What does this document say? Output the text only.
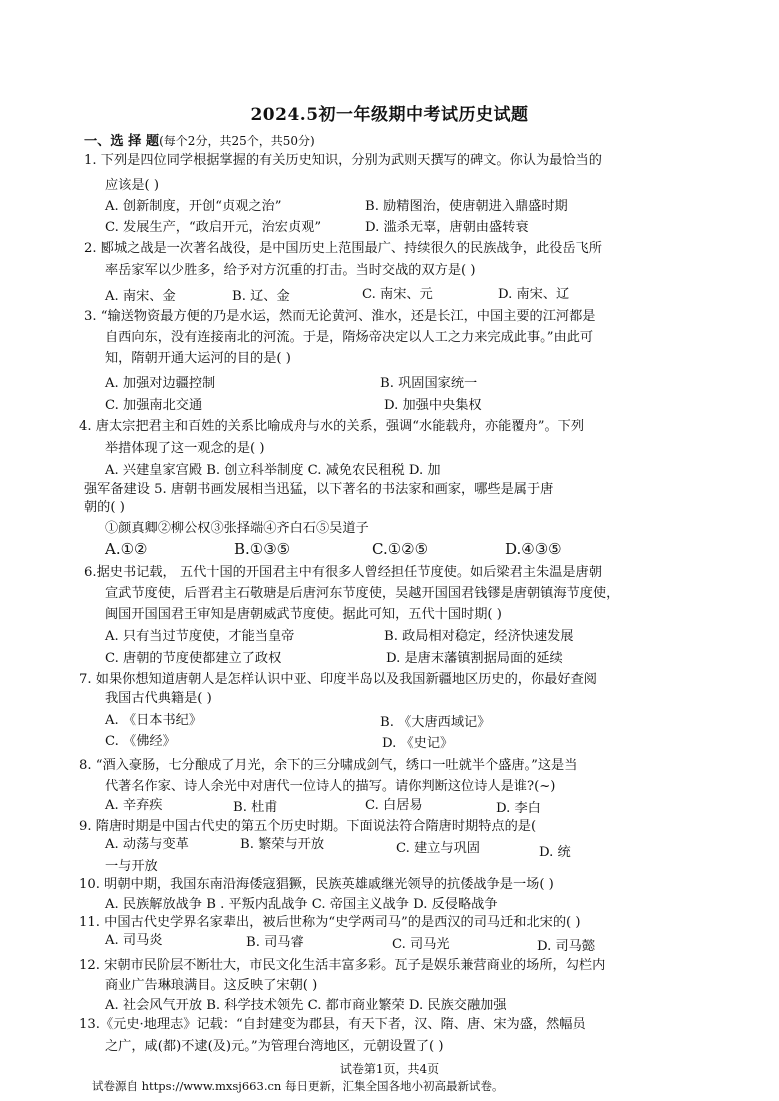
2024.5初一年级期中考试历史试题
一、选 择 题(每个2分，共25个，共50分)
1. 下列是四位同学根据掌握的有关历史知识，分别为武则天撰写的碑文。你认为最恰当的
应该是( )
A. 创新制度，开创“贞观之治”	B. 励精图治，使唐朝进入鼎盛时期
C. 发展生产，“政启开元，治宏贞观”	D. 滥杀无辜，唐朝由盛转衰
2. 郾城之战是一次著名战役，是中国历史上范围最广、持续很久的民族战争，此役岳飞所
率岳家军以少胜多，给予对方沉重的打击。当时交战的双方是( )
A. 南宋、金	B. 辽、金	C. 南宋、元	D. 南宋、辽
3. “输送物资最方便的乃是水运，然而无论黄河、淮水，还是长江，中国主要的江河都是
自西向东，没有连接南北的河流。于是，隋炀帝决定以人工之力来完成此事。”由此可
知，隋朝开通大运河的目的是( )
A. 加强对边疆控制	B. 巩固国家统一
C. 加强南北交通	D. 加强中央集权
4. 唐太宗把君主和百姓的关系比喻成舟与水的关系，强调“水能载舟，亦能覆舟”。下列
举措体现了这一观念的是( )
A. 兴建皇家宫殿 B. 创立科举制度 C. 减免农民租税 D. 加
强军备建设 5. 唐朝书画发展相当迅猛，以下著名的书法家和画家，哪些是属于唐
朝的( )
①颜真卿②柳公权③张择端④齐白石⑤吴道子
A.①②	B.①③⑤	C.①②⑤	D.④③⑤
6.据史书记载， 五代十国的开国君主中有很多人曾经担任节度使。如后梁君主朱温是唐朝
宣武节度使，后晋君主石敬瑭是后唐河东节度使，吴越开国国君钱镠是唐朝镇海节度使，
闽国开国国君王审知是唐朝威武节度使。据此可知，五代十国时期( )
A. 只有当过节度使，才能当皇帝	B. 政局相对稳定，经济快速发展
C. 唐朝的节度使都建立了政权	D. 是唐末藩镇割据局面的延续
7. 如果你想知道唐朝人是怎样认识中亚、印度半岛以及我国新疆地区历史的，你最好查阅
我国古代典籍是( )
A. 《日本书纪》	B. 《大唐西域记》
C. 《佛经》	D. 《史记》
8. “酒入豪肠，七分酿成了月光，余下的三分啸成剑气，绣口一吐就半个盛唐。”这是当
代著名作家、诗人余光中对唐代一位诗人的描写。请你判断这位诗人是谁?(~)
A. 辛弃疾	B. 杜甫	C. 白居易	D. 李白
9. 隋唐时期是中国古代史的第五个历史时期。下面说法符合隋唐时期特点的是(
A. 动荡与变革	B. 繁荣与开放	C. 建立与巩固	D. 统
一与开放
10. 明朝中期，我国东南沿海倭寇猖獗，民族英雄戚继光领导的抗倭战争是一场( )
A. 民族解放战争 B . 平叛内乱战争 C. 帝国主义战争 D. 反侵略战争
11. 中国古代史学界名家辈出，被后世称为“史学两司马”的是西汉的司马迁和北宋的( )
A. 司马炎	B. 司马睿	C. 司马光	D. 司马懿
12. 宋朝市民阶层不断壮大，市民文化生活丰富多彩。瓦子是娱乐兼营商业的场所，勾栏内
商业广告琳琅满目。这反映了宋朝( )
A. 社会风气开放 B. 科学技术领先 C. 都市商业繁荣 D. 民族交融加强
13.《元史·地理志》记载：“自封建变为郡县，有天下者，汉、隋、唐、宋为盛，然幅员
之广，咸(都)不逮(及)元。”为管理台湾地区，元朝设置了( )
试卷第1页，共4页
试卷源自 https://www.mxsj663.cn 每日更新，汇集全国各地小初高最新试卷。
